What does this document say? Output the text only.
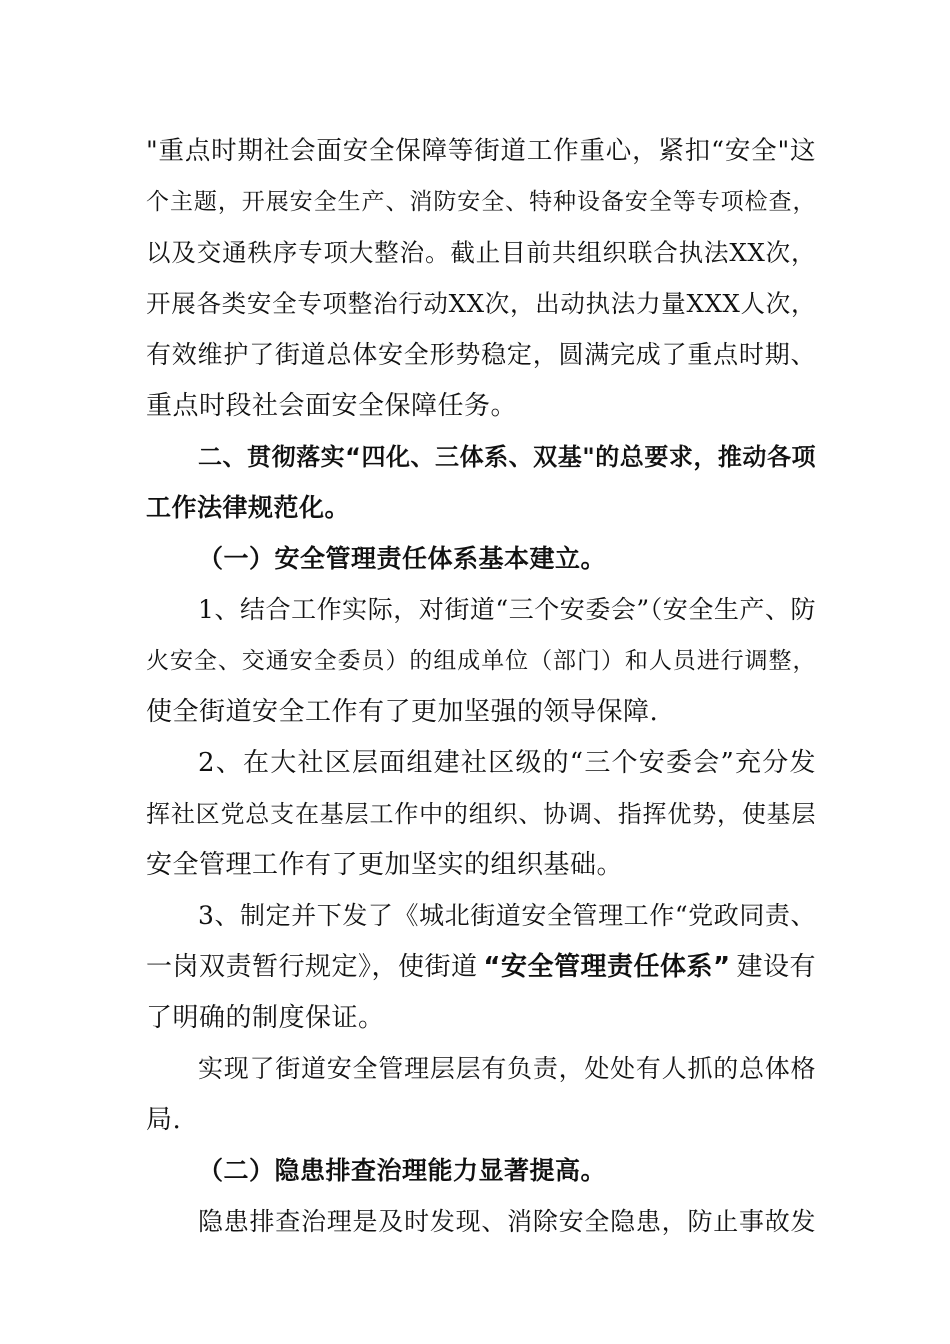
"重点时期社会面安全保障等街道工作重心，紧扣“安全"这
个主题，开展安全生产、消防安全、特种设备安全等专项检查，
以及交通秩序专项大整治。截止目前共组织联合执法XX次，
开展各类安全专项整治行动XX次，出动执法力量XXX人次，
有效维护了街道总体安全形势稳定，圆满完成了重点时期、
重点时段社会面安全保障任务。
二、贯彻落实“四化、三体系、双基"的总要求，推动各项
工作法律规范化。
（一）安全管理责任体系基本建立。
1、结合工作实际，对街道“三个安委会”（安全生产、防
火安全、交通安全委员）的组成单位（部门）和人员进行调整，
使全街道安全工作有了更加坚强的领导保障.
2、在大社区层面组建社区级的“三个安委会”充分发
挥社区党总支在基层工作中的组织、协调、指挥优势，使基层
安全管理工作有了更加坚实的组织基础。
3、制定并下发了《城北街道安全管理工作“党政同责、
一岗双责暂行规定》，使街道 “安全管理责任体系” 建设有
了明确的制度保证。
实现了街道安全管理层层有负责，处处有人抓的总体格
局.
（二）隐患排查治理能力显著提高。
隐患排查治理是及时发现、消除安全隐患，防止事故发
